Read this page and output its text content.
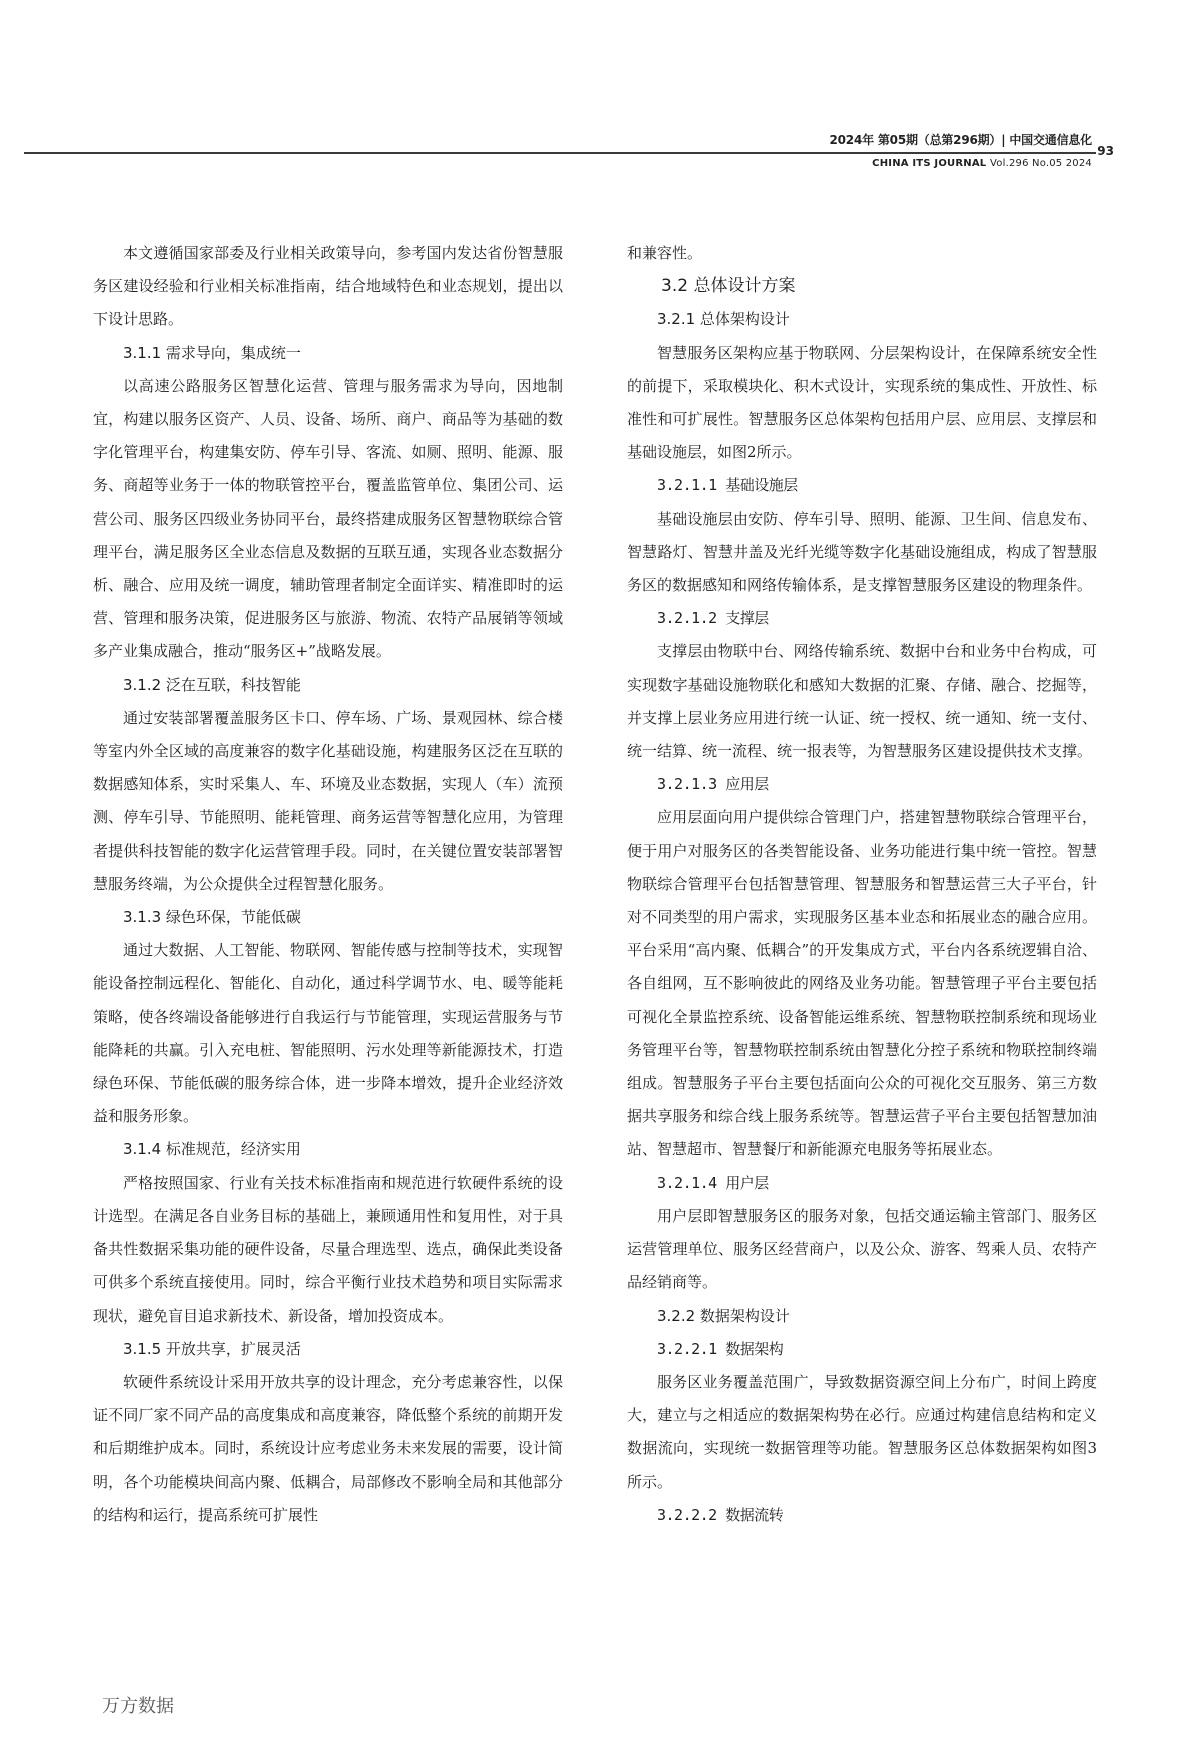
2024年 第05期（总第296期）| 中国交通信息化
93
CHINA ITS JOURNAL Vol.296 No.05 2024

本文遵循国家部委及行业相关政策导向，参考国内发达省份智慧服务区建设经验和行业相关标准指南，结合地域特色和业态规划，提出以下设计思路。

3.1.1 需求导向，集成统一

以高速公路服务区智慧化运营、管理与服务需求为导向，因地制宜，构建以服务区资产、人员、设备、场所、商户、商品等为基础的数字化管理平台，构建集安防、停车引导、客流、如厕、照明、能源、服务、商超等业务于一体的物联管控平台，覆盖监管单位、集团公司、运营公司、服务区四级业务协同平台，最终搭建成服务区智慧物联综合管理平台，满足服务区全业态信息及数据的互联互通，实现各业态数据分析、融合、应用及统一调度，辅助管理者制定全面详实、精准即时的运营、管理和服务决策，促进服务区与旅游、物流、农特产品展销等领域多产业集成融合，推动“服务区+”战略发展。

3.1.2 泛在互联，科技智能

通过安装部署覆盖服务区卡口、停车场、广场、景观园林、综合楼等室内外全区域的高度兼容的数字化基础设施，构建服务区泛在互联的数据感知体系，实时采集人、车、环境及业态数据，实现人（车）流预测、停车引导、节能照明、能耗管理、商务运营等智慧化应用，为管理者提供科技智能的数字化运营管理手段。同时，在关键位置安装部署智慧服务终端，为公众提供全过程智慧化服务。

3.1.3 绿色环保，节能低碳

通过大数据、人工智能、物联网、智能传感与控制等技术，实现智能设备控制远程化、智能化、自动化，通过科学调节水、电、暖等能耗策略，使各终端设备能够进行自我运行与节能管理，实现运营服务与节能降耗的共赢。引入充电桩、智能照明、污水处理等新能源技术，打造绿色环保、节能低碳的服务综合体，进一步降本增效，提升企业经济效益和服务形象。

3.1.4 标准规范，经济实用

严格按照国家、行业有关技术标准指南和规范进行软硬件系统的设计选型。在满足各自业务目标的基础上，兼顾通用性和复用性，对于具备共性数据采集功能的硬件设备，尽量合理选型、选点，确保此类设备可供多个系统直接使用。同时，综合平衡行业技术趋势和项目实际需求现状，避免盲目追求新技术、新设备，增加投资成本。

3.1.5 开放共享，扩展灵活

软硬件系统设计采用开放共享的设计理念，充分考虑兼容性，以保证不同厂家不同产品的高度集成和高度兼容，降低整个系统的前期开发和后期维护成本。同时，系统设计应考虑业务未来发展的需要，设计简明，各个功能模块间高内聚、低耦合，局部修改不影响全局和其他部分的结构和运行，提高系统可扩展性

和兼容性。

3.2 总体设计方案
3.2.1 总体架构设计

智慧服务区架构应基于物联网、分层架构设计，在保障系统安全性的前提下，采取模块化、积木式设计，实现系统的集成性、开放性、标准性和可扩展性。智慧服务区总体架构包括用户层、应用层、支撑层和基础设施层，如图2所示。

3.2.1.1 基础设施层

基础设施层由安防、停车引导、照明、能源、卫生间、信息发布、智慧路灯、智慧井盖及光纤光缆等数字化基础设施组成，构成了智慧服务区的数据感知和网络传输体系，是支撑智慧服务区建设的物理条件。

3.2.1.2 支撑层

支撑层由物联中台、网络传输系统、数据中台和业务中台构成，可实现数字基础设施物联化和感知大数据的汇聚、存储、融合、挖掘等，并支撑上层业务应用进行统一认证、统一授权、统一通知、统一支付、统一结算、统一流程、统一报表等，为智慧服务区建设提供技术支撑。

3.2.1.3 应用层

应用层面向用户提供综合管理门户，搭建智慧物联综合管理平台，便于用户对服务区的各类智能设备、业务功能进行集中统一管控。智慧物联综合管理平台包括智慧管理、智慧服务和智慧运营三大子平台，针对不同类型的用户需求，实现服务区基本业态和拓展业态的融合应用。平台采用“高内聚、低耦合”的开发集成方式，平台内各系统逻辑自洽、各自组网，互不影响彼此的网络及业务功能。智慧管理子平台主要包括可视化全景监控系统、设备智能运维系统、智慧物联控制系统和现场业务管理平台等，智慧物联控制系统由智慧化分控子系统和物联控制终端组成。智慧服务子平台主要包括面向公众的可视化交互服务、第三方数据共享服务和综合线上服务系统等。智慧运营子平台主要包括智慧加油站、智慧超市、智慧餐厅和新能源充电服务等拓展业态。

3.2.1.4 用户层

用户层即智慧服务区的服务对象，包括交通运输主管部门、服务区运营管理单位、服务区经营商户，以及公众、游客、驾乘人员、农特产品经销商等。

3.2.2 数据架构设计
3.2.2.1 数据架构

服务区业务覆盖范围广，导致数据资源空间上分布广，时间上跨度大，建立与之相适应的数据架构势在必行。应通过构建信息结构和定义数据流向，实现统一数据管理等功能。智慧服务区总体数据架构如图3所示。

3.2.2.2 数据流转
万方数据
